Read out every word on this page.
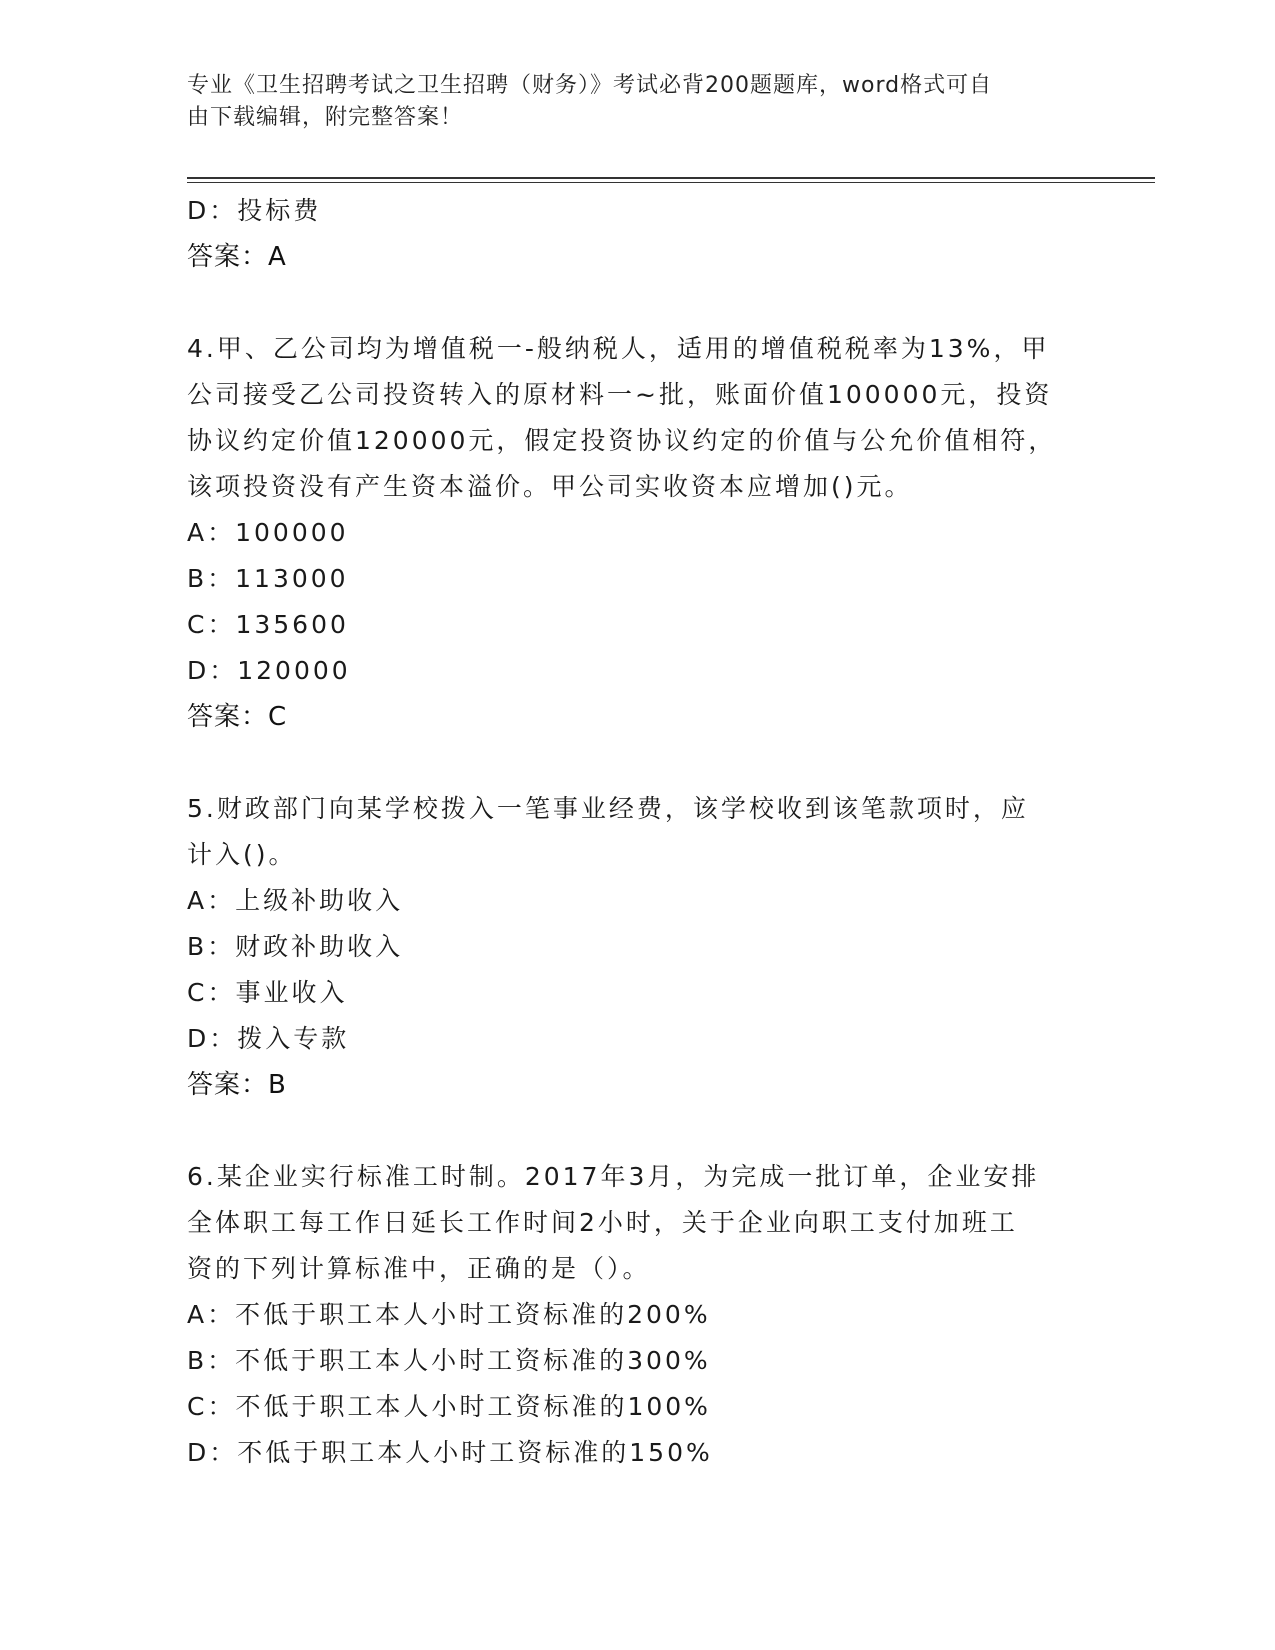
专业《卫生招聘考试之卫生招聘（财务）》考试必背200题题库，word格式可自
由下载编辑，附完整答案！
D：投标费
答案：A
4.甲、乙公司均为增值税一-般纳税人，适用的增值税税率为13%，甲
公司接受乙公司投资转入的原材料一~批，账面价值100000元，投资
协议约定价值120000元，假定投资协议约定的价值与公允价值相符，
该项投资没有产生资本溢价。甲公司实收资本应增加()元。
A：100000
B：113000
C：135600
D：120000
答案：C
5.财政部门向某学校拨入一笔事业经费，该学校收到该笔款项时，应
计入()。
A：上级补助收入
B：财政补助收入
C：事业收入
D：拨入专款
答案：B
6.某企业实行标准工时制。2017年3月，为完成一批订单，企业安排
全体职工每工作日延长工作时间2小时，关于企业向职工支付加班工
资的下列计算标准中，正确的是（）。
A：不低于职工本人小时工资标准的200%
B：不低于职工本人小时工资标准的300%
C：不低于职工本人小时工资标准的100%
D：不低于职工本人小时工资标准的150%
